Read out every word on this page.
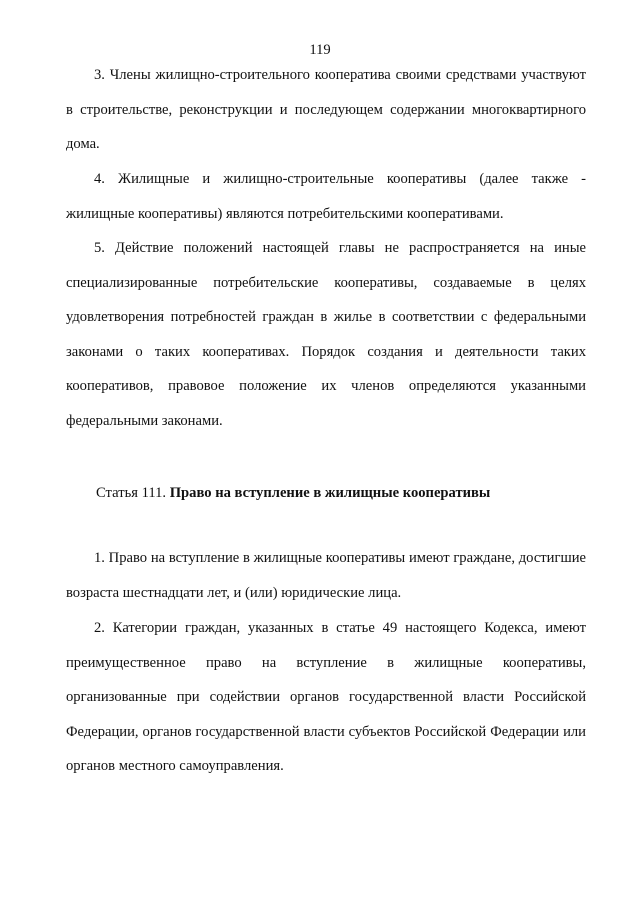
119
3. Члены жилищно-строительного кооператива своими средствами участвуют в строительстве, реконструкции и последующем содержании многоквартирного дома.
4. Жилищные и жилищно-строительные кооперативы (далее также - жилищные кооперативы) являются потребительскими кооперативами.
5. Действие положений настоящей главы не распространяется на иные специализированные потребительские кооперативы, создаваемые в целях удовлетворения потребностей граждан в жилье в соответствии с федеральными законами о таких кооперативах. Порядок создания и деятельности таких кооперативов, правовое положение их членов определяются указанными федеральными законами.
Статья 111. Право на вступление в жилищные кооперативы
1. Право на вступление в жилищные кооперативы имеют граждане, достигшие возраста шестнадцати лет, и (или) юридические лица.
2. Категории граждан, указанных в статье 49 настоящего Кодекса, имеют преимущественное право на вступление в жилищные кооперативы, организованные при содействии органов государственной власти Российской Федерации, органов государственной власти субъектов Российской Федерации или органов местного самоуправления.
